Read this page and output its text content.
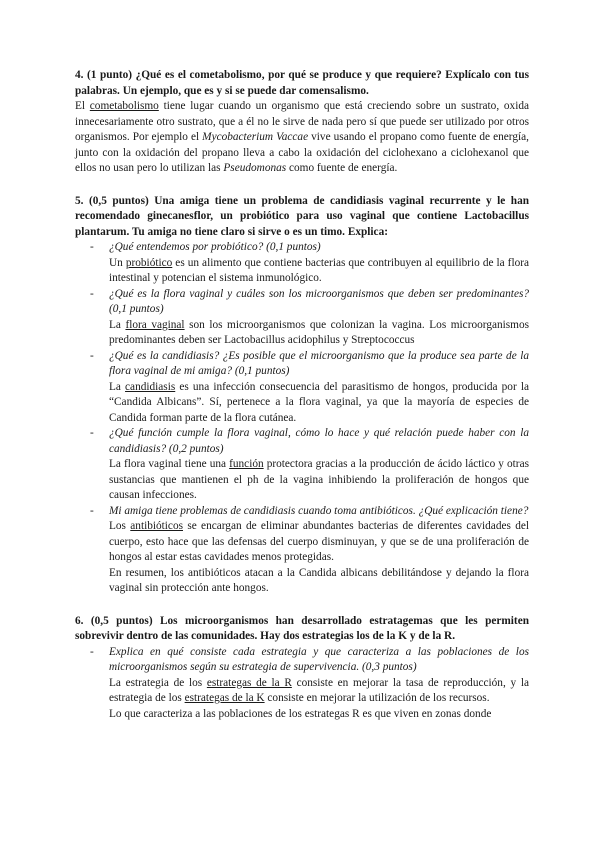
4. (1 punto) ¿Qué es el cometabolismo, por qué se produce y que requiere? Explícalo con tus palabras. Un ejemplo, que es y si se puede dar comensalismo.

El cometabolismo tiene lugar cuando un organismo que está creciendo sobre un sustrato, oxida innecesariamente otro sustrato, que a él no le sirve de nada pero sí que puede ser utilizado por otros organismos. Por ejemplo el Mycobacterium Vaccae vive usando el propano como fuente de energía, junto con la oxidación del propano lleva a cabo la oxidación del ciclohexano a ciclohexanol que ellos no usan pero lo utilizan las Pseudomonas como fuente de energía.

5. (0,5 puntos) Una amiga tiene un problema de candidiasis vaginal recurrente y le han recomendado ginecanesflor, un probiótico para uso vaginal que contiene Lactobacillus plantarum. Tu amiga no tiene claro si sirve o es un timo. Explica:

- ¿Qué entendemos por probiótico? (0,1 puntos)

Un probiótico es un alimento que contiene bacterias que contribuyen al equilibrio de la flora intestinal y potencian el sistema inmunológico.

- ¿Qué es la flora vaginal y cuáles son los microorganismos que deben ser predominantes? (0,1 puntos)

La flora vaginal son los microorganismos que colonizan la vagina. Los microorganismos predominantes deben ser Lactobacillus acidophilus y Streptococcus

- ¿Qué es la candidiasis? ¿Es posible que el microorganismo que la produce sea parte de la flora vaginal de mi amiga? (0,1 puntos)

La candidiasis es una infección consecuencia del parasitismo de hongos, producida por la “Candida Albicans”. Sí, pertenece a la flora vaginal, ya que la mayoría de especies de Candida forman parte de la flora cutánea.

- ¿Qué función cumple la flora vaginal, cómo lo hace y qué relación puede haber con la candidiasis? (0,2 puntos)

La flora vaginal tiene una función protectora gracias a la producción de ácido láctico y otras sustancias que mantienen el ph de la vagina inhibiendo la proliferación de hongos que causan infecciones.

- Mi amiga tiene problemas de candidiasis cuando toma antibióticos. ¿Qué explicación tiene?

Los antibióticos se encargan de eliminar abundantes bacterias de diferentes cavidades del cuerpo, esto hace que las defensas del cuerpo disminuyan, y que se de una proliferación de hongos al estar estas cavidades menos protegidas.

En resumen, los antibióticos atacan a la Candida albicans debilitándose y dejando la flora vaginal sin protección ante hongos.

6. (0,5 puntos) Los microorganismos han desarrollado estratagemas que les permiten sobrevivir dentro de las comunidades. Hay dos estrategias los de la K y de la R.

- Explica en qué consiste cada estrategia y que caracteriza a las poblaciones de los microorganismos según su estrategia de supervivencia. (0,3 puntos)

La estrategia de los estrategas de la R consiste en mejorar la tasa de reproducción, y la estrategia de los estrategas de la K consiste en mejorar la utilización de los recursos.

Lo que caracteriza a las poblaciones de los estrategas R es que viven en zonas donde
